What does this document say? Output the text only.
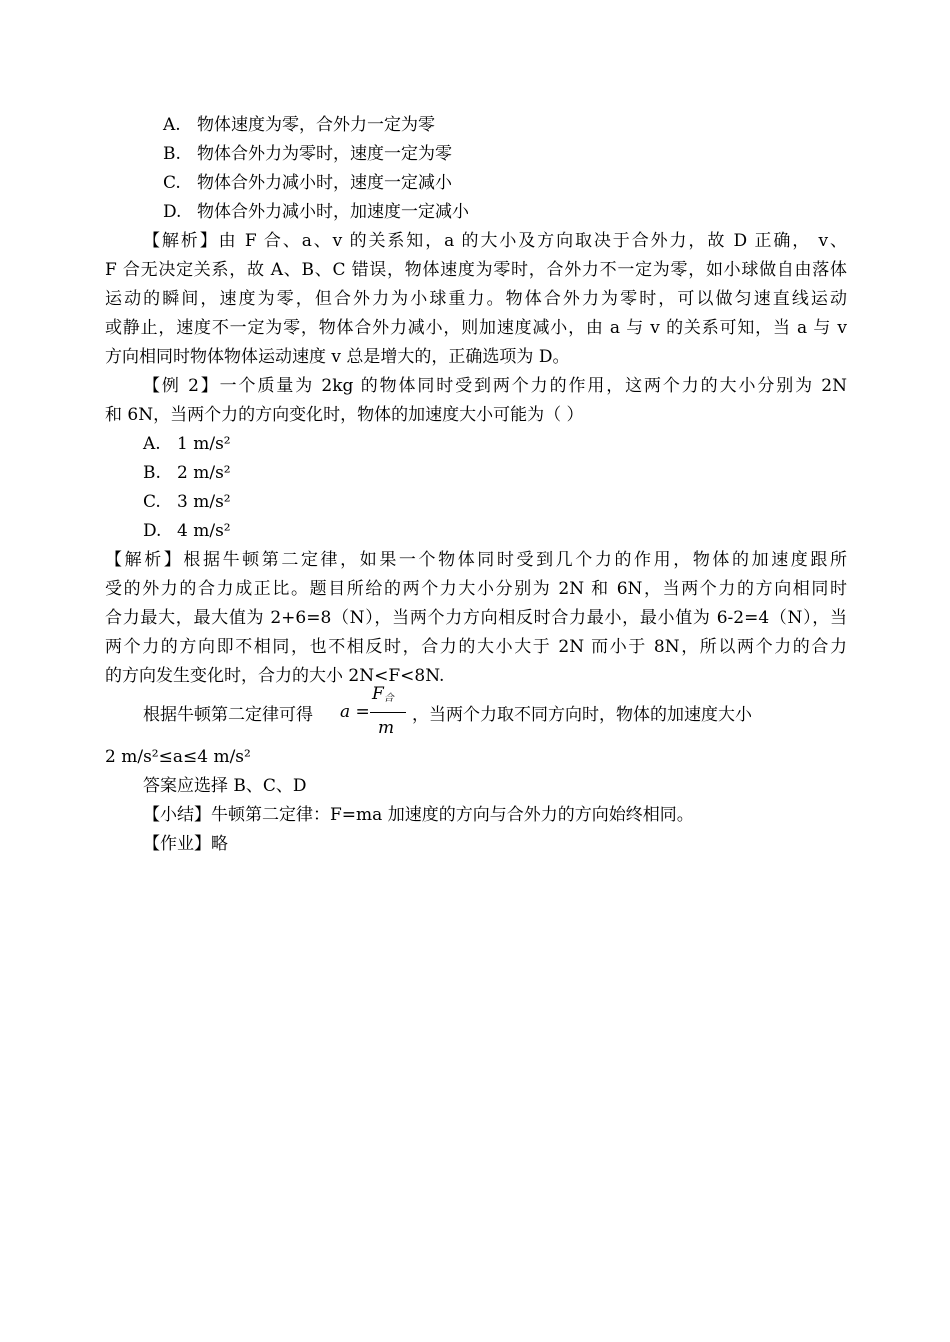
A. 物体速度为零，合外力一定为零
B. 物体合外力为零时，速度一定为零
C. 物体合外力减小时，速度一定减小
D. 物体合外力减小时，加速度一定减小
【解析】由 F 合、a、v 的关系知，a 的大小及方向取决于合外力，故 D 正确， v、
F 合无决定关系，故 A、B、C 错误，物体速度为零时，合外力不一定为零，如小球做自由落体
运动的瞬间，速度为零，但合外力为小球重力。物体合外力为零时，可以做匀速直线运动
或静止，速度不一定为零，物体合外力减小，则加速度减小，由 a 与 v 的关系可知，当 a 与 v
方向相同时物体物体运动速度 v 总是增大的，正确选项为 D。
【例 2】一个质量为 2kg 的物体同时受到两个力的作用，这两个力的大小分别为 2N
和 6N，当两个力的方向变化时，物体的加速度大小可能为（ ）
A. 1 m/s²
B. 2 m/s²
C. 3 m/s²
D. 4 m/s²
【解析】根据牛顿第二定律，如果一个物体同时受到几个力的作用，物体的加速度跟所
受的外力的合力成正比。题目所给的两个力大小分别为 2N 和 6N，当两个力的方向相同时
合力最大，最大值为 2+6=8（N），当两个力方向相反时合力最小，最小值为 6-2=4（N），当
两个力的方向即不相同，也不相反时，合力的大小大于 2N 而小于 8N，所以两个力的合力
的方向发生变化时，合力的大小 2N<F<8N.
根据牛顿第二定律可得 a =
$F_合$
m
，当两个力取不同方向时，物体的加速度大小
2 m/s²≤a≤4 m/s²
答案应选择 B、C、D
【小结】牛顿第二定律：F=ma 加速度的方向与合外力的方向始终相同。
【作业】略
